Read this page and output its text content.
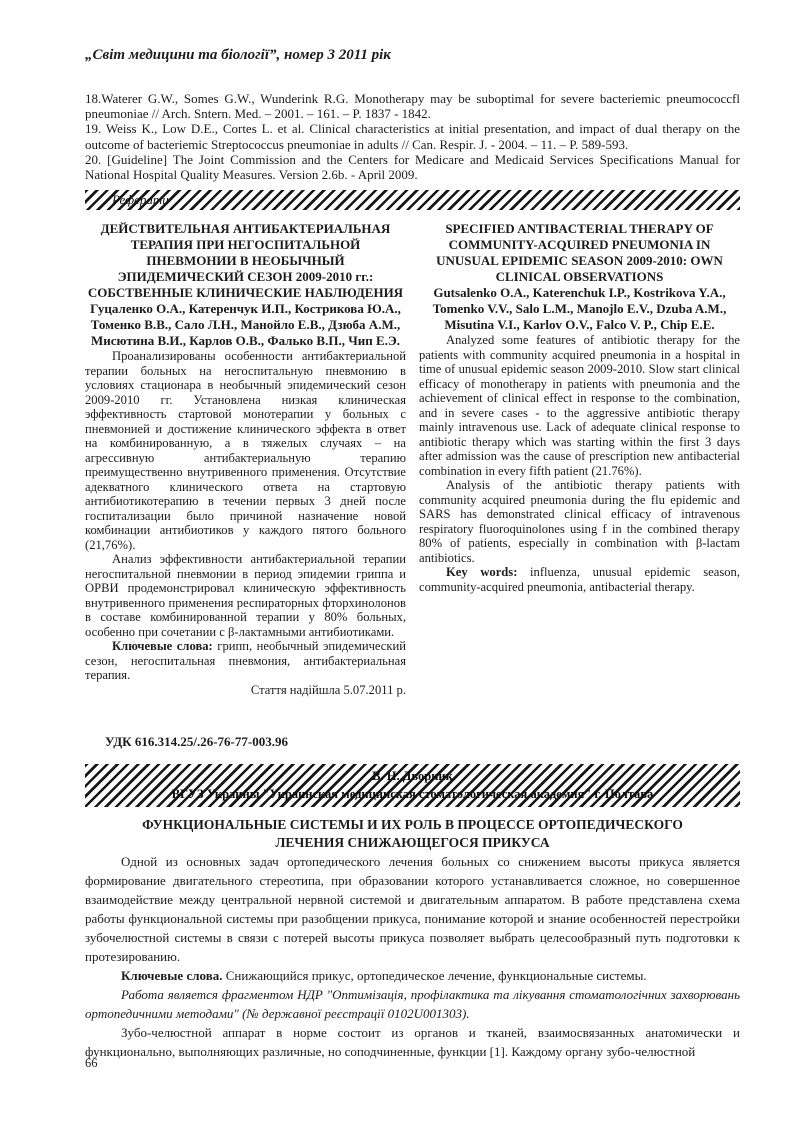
„Світ медицини та біології”, номер 3 2011 рік

18.Waterer G.W., Somes G.W., Wunderink R.G. Monotherapy may be suboptimal for severe bacteriemic pneumococcfl pneumoniae // Arch. Sntern. Med. – 2001. – 161. – P. 1837 - 1842.

19. Weiss K., Low D.E., Cortes L. et al. Clinical characteristics at initial presentation, and impact of dual therapy on the outcome of bacteriemic Streptococcus pneumoniae in adults // Can. Respir. J. - 2004. – 11. – P. 589-593.

20. [Guideline] The Joint Commission and the Centers for Medicare and Medicaid Services Specifications Manual for National Hospital Quality Measures. Version 2.6b. - April 2009.

Реферати

ДЕЙСТВИТЕЛЬНАЯ АНТИБАКТЕРИАЛЬНАЯ ТЕРАПИЯ ПРИ НЕГОСПИТАЛЬНОЙ ПНЕВМОНИИ В НЕОБЫЧНЫЙ ЭПИДЕМИЧЕСКИЙ СЕЗОН 2009-2010 гг.: СОБСТВЕННЫЕ КЛИНИЧЕСКИЕ НАБЛЮДЕНИЯ

Гуцаленко О.А., Катеренчук И.П., Кострикова Ю.А., Томенко В.В., Сало Л.Н., Манойло Е.В., Дзюба А.М., Мисютина В.И., Карлов О.В., Фалько В.П., Чип Е.Э.

Проанализированы особенности антибактериальной терапии больных на негоспитальную пневмонию в условиях стационара в необычный эпидемический сезон 2009-2010 гг. Установлена низкая клиническая эффективность стартовой монотерапии у больных с пневмонией и достижение клинического эффекта в ответ на комбинированную, а в тяжелых случаях – на агрессивную антибактериальную терапию преимущественно внутривенного применения. Отсутствие адекватного клинического ответа на стартовую антибиотикотерапию в течении первых 3 дней после госпитализации было причиной назначение новой комбинации антибиотиков у каждого пятого больного (21,76%).

Анализ эффективности антибактериальной терапии негоспитальной пневмонии в период эпидемии гриппа и ОРВИ продемонстрировал клиническую эффективность внутривенного применения респираторных фторхинолонов в составе комбинированной терапии у 80% больных, особенно при сочетании с β-лактамными антибиотиками.

Ключевые слова: грипп, необычный эпидемический сезон, негоспитальная пневмония, антибактериальная терапия.

Стаття надійшла 5.07.2011 р.

SPECIFIED ANTIBACTERIAL THERAPY OF COMMUNITY-ACQUIRED PNEUMONIA IN UNUSUAL EPIDEMIC SEASON 2009-2010: OWN CLINICAL OBSERVATIONS

Gutsalenko O.A., Katerenchuk I.P., Kostrikova Y.A., Tomenko V.V., Salo L.M., Manojlo E.V., Dzuba A.M., Misutina V.I., Karlov O.V., Falco V. P., Chip E.E.

Analyzed some features of antibiotic therapy for the patients with community acquired pneumonia in a hospital in time of unusual epidemic season 2009-2010. Slow start clinical efficacy of monotherapy in patients with pneumonia and the achievement of clinical effect in response to the combination, and in severe cases - to the aggressive antibiotic therapy mainly intravenous use. Lack of adequate clinical response to antibiotic therapy which was starting within the first 3 days after admission was the cause of prescription new antibacterial combination in every fifth patient (21.76%).

Analysis of the antibiotic therapy patients with community acquired pneumonia during the flu epidemic and SARS has demonstrated clinical efficacy of intravenous respiratory fluoroquinolones using f in the combined therapy 80% of patients, especially in combination with β-lactam antibiotics.

Key words: influenza, unusual epidemic season, community-acquired pneumonia, antibacterial therapy.

УДК 616.314.25/.26-76-77-003.96
В. Н. Дворник
ВГУЗ Украины "Украинская медицинская стоматологическая академия" г. Полтава
ФУНКЦИОНАЛЬНЫЕ СИСТЕМЫ И ИХ РОЛЬ В ПРОЦЕССЕ ОРТОПЕДИЧЕСКОГО ЛЕЧЕНИЯ СНИЖАЮЩЕГОСЯ ПРИКУСА

Одной из основных задач ортопедического лечения больных со снижением высоты прикуса является формирование двигательного стереотипа, при образовании которого устанавливается сложное, но совершенное взаимодействие между центральной нервной системой и двигательным аппаратом. В работе представлена схема работы функциональной системы при разобщении прикуса, понимание которой и знание особенностей перестройки зубочелюстной системы в связи с потерей высоты прикуса позволяет выбрать целесообразный путь подготовки к протезированию.

Ключевые слова. Снижающийся прикус, ортопедическое лечение, функциональные системы.

Работа является фрагментом НДР "Оптимізація, профілактика та лікування стоматологічних захворювань ортопедичними методами" (№ державної реєстрації 0102U001303).

Зубо-челюстной аппарат в норме состоит из органов и тканей, взаимосвязанных анатомически и функционально, выполняющих различные, но соподчиненные, функции [1]. Каждому органу зубо-челюстной

66
